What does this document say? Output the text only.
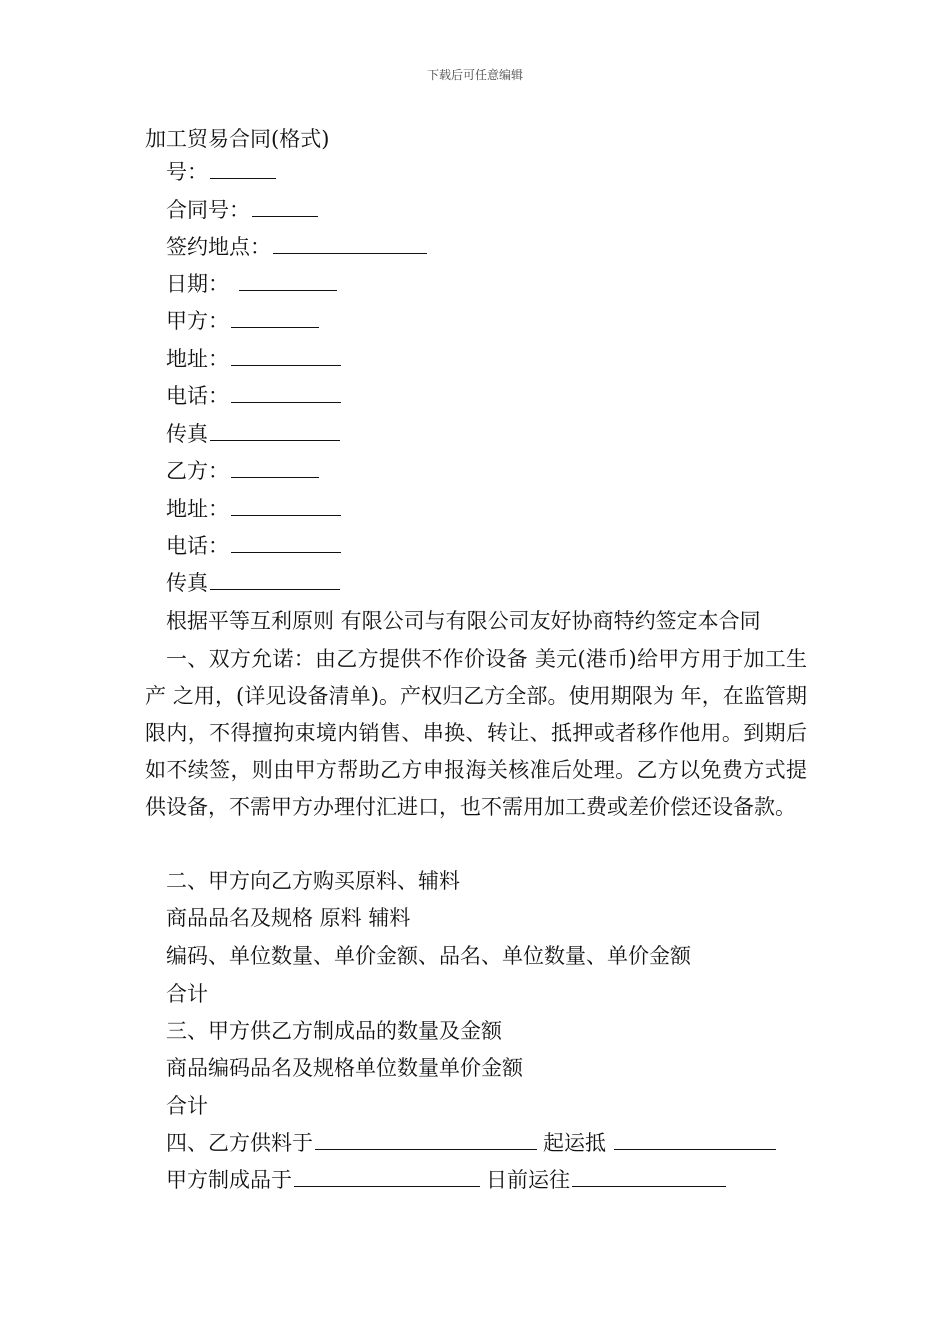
下载后可任意编辑
加工贸易合同(格式)
号：
合同号：
签约地点：
日期：
甲方：
地址：
电话：
传真
乙方：
地址：
电话：
传真
根据平等互利原则 有限公司与有限公司友好协商特约签定本合同
一、双方允诺：由乙方提供不作价设备 美元(港币)给甲方用于加工生产 之用，(详见设备清单)。产权归乙方全部。使用期限为 年，在监管期限内，不得擅拘束境内销售、串换、转让、抵押或者移作他用。到期后如不续签，则由甲方帮助乙方申报海关核准后处理。乙方以免费方式提供设备，不需甲方办理付汇进口，也不需用加工费或差价偿还设备款。
二、甲方向乙方购买原料、辅料
商品品名及规格 原料 辅料
编码、单位数量、单价金额、品名、单位数量、单价金额
合计
三、甲方供乙方制成品的数量及金额
商品编码品名及规格单位数量单价金额
合计
四、乙方供料于	起运抵
甲方制成品于	日前运往
